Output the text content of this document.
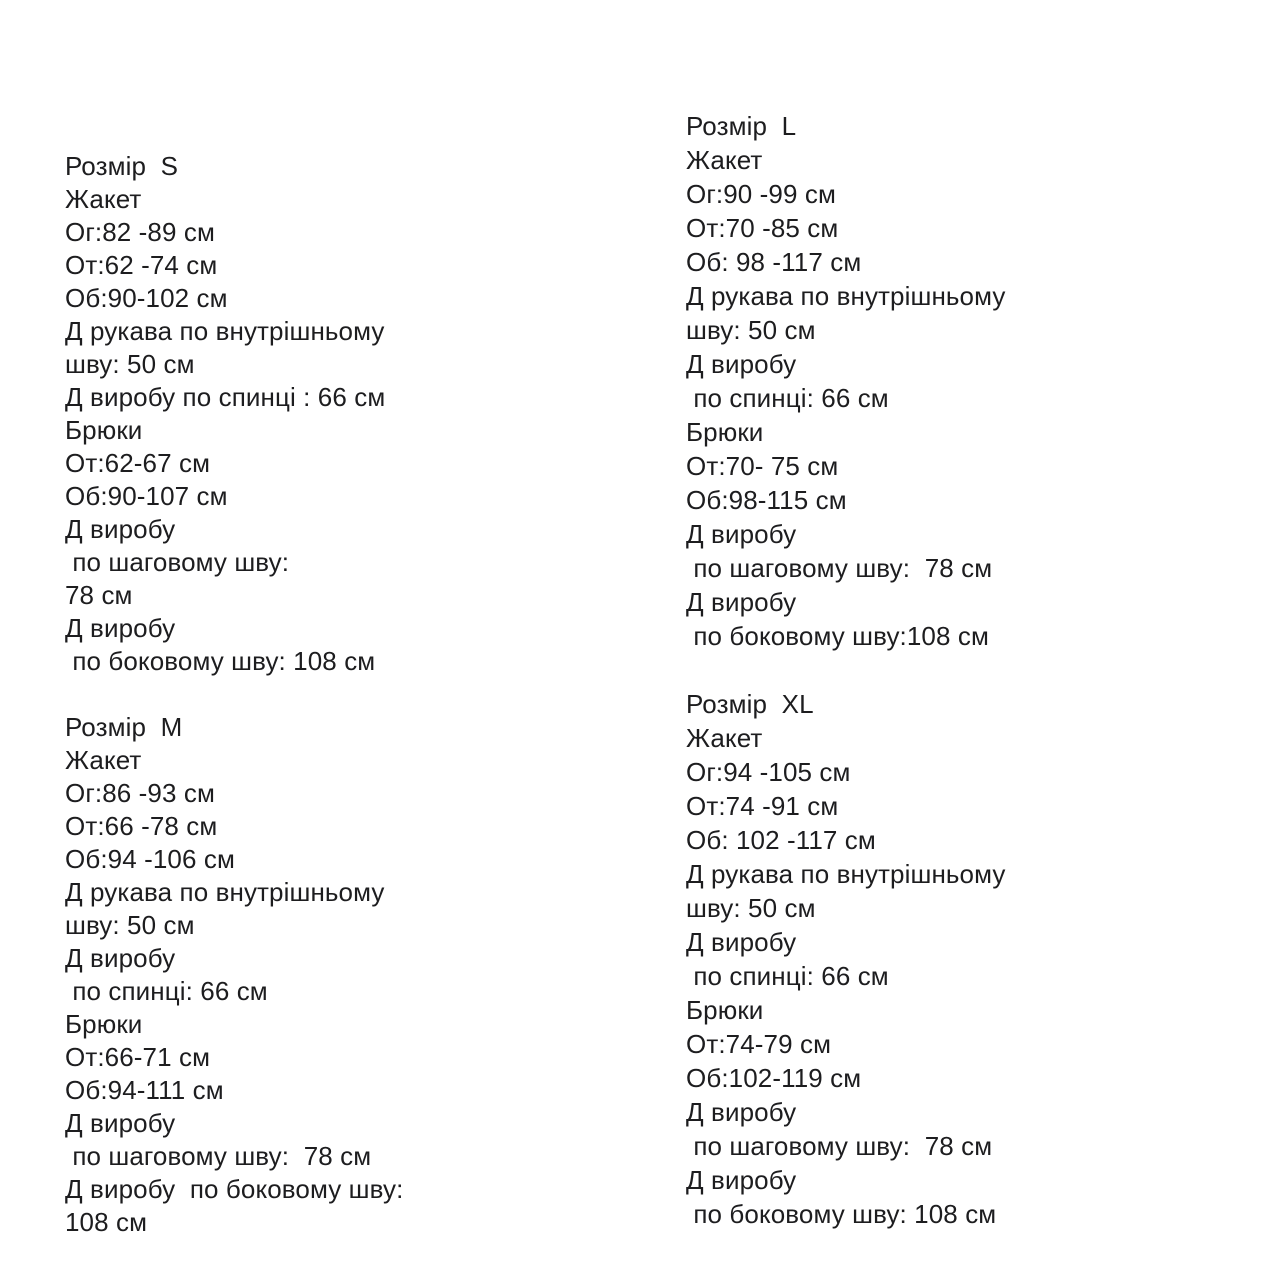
Розмір  S
Жакет
Ог:82 -89 см
От:62 -74 см
Об:90-102 см
Д рукава по внутрішньому
шву: 50 см
Д виробу по спинці : 66 см
Брюки
От:62-67 см
Об:90-107 см
Д виробу
по шаговому шву:
78 см
Д виробу
по боковому шву: 108 см
Розмір  M
Жакет
Ог:86 -93 см
От:66 -78 см
Об:94 -106 см
Д рукава по внутрішньому
шву: 50 см
Д виробу
по спинці: 66 см
Брюки
От:66-71 см
Об:94-111 см
Д виробу
по шаговому шву:  78 см
Д виробу  по боковому шву:
108 см
Розмір  L
Жакет
Ог:90 -99 см
От:70 -85 см
Об: 98 -117 см
Д рукава по внутрішньому
шву: 50 см
Д виробу
по спинці: 66 см
Брюки
От:70- 75 см
Об:98-115 см
Д виробу
по шаговому шву:  78 см
Д виробу
по боковому шву:108 см
Розмір  XL
Жакет
Ог:94 -105 см
От:74 -91 см
Об: 102 -117 см
Д рукава по внутрішньому
шву: 50 см
Д виробу
по спинці: 66 см
Брюки
От:74-79 см
Об:102-119 см
Д виробу
по шаговому шву:  78 см
Д виробу
по боковому шву: 108 см
